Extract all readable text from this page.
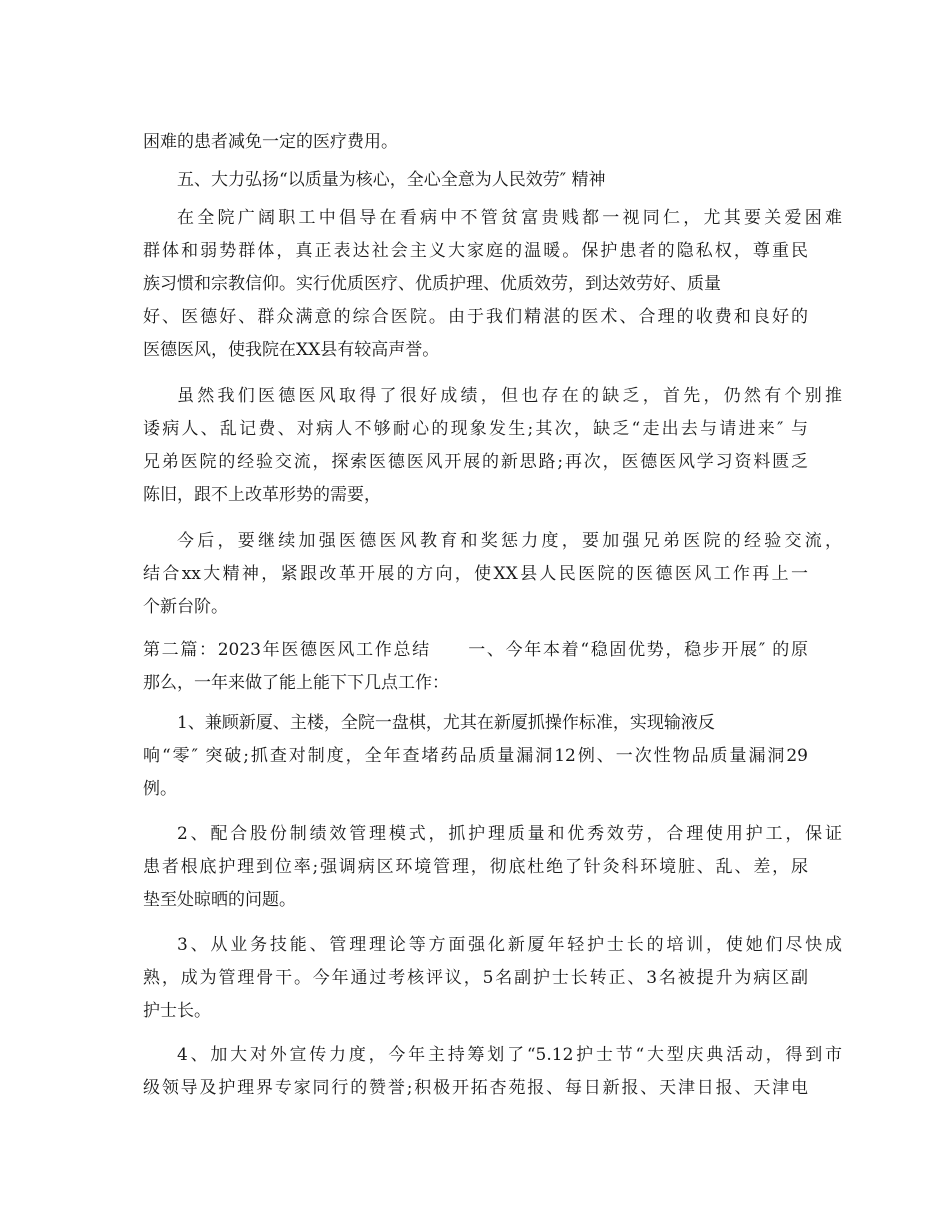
困难的患者减免一定的医疗费用。
五、大力弘扬“以质量为核心，全心全意为人民效劳″ 精神
在全院广阔职工中倡导在看病中不管贫富贵贱都一视同仁，尤其要关爱困难
群体和弱势群体，真正表达社会主义大家庭的温暖。保护患者的隐私权，尊重民
族习惯和宗教信仰。实行优质医疗、优质护理、优质效劳，到达效劳好、质量
好、医德好、群众满意的综合医院。由于我们精湛的医术、合理的收费和良好的
医德医风，使我院在XX县有较高声誉。
虽然我们医德医风取得了很好成绩，但也存在的缺乏，首先，仍然有个别推
诿病人、乱记费、对病人不够耐心的现象发生;其次，缺乏“走出去与请进来″ 与
兄弟医院的经验交流，探索医德医风开展的新思路;再次，医德医风学习资料匮乏
陈旧，跟不上改革形势的需要，
今后，要继续加强医德医风教育和奖惩力度，要加强兄弟医院的经验交流，
结合xx大精神，紧跟改革开展的方向，使XX县人民医院的医德医风工作再上一
个新台阶。
第二篇：2023年医德医风工作总结　　一、今年本着“稳固优势，稳步开展″ 的原
那么，一年来做了能上能下下几点工作：
1、兼顾新厦、主楼，全院一盘棋，尤其在新厦抓操作标准，实现输液反
响“零″ 突破;抓查对制度，全年查堵药品质量漏洞12例、一次性物品质量漏洞29
例。
2、配合股份制绩效管理模式，抓护理质量和优秀效劳，合理使用护工，保证
患者根底护理到位率;强调病区环境管理，彻底杜绝了针灸科环境脏、乱、差，尿
垫至处晾晒的问题。
3、从业务技能、管理理论等方面强化新厦年轻护士长的培训，使她们尽快成
熟，成为管理骨干。今年通过考核评议，5名副护士长转正、3名被提升为病区副
护士长。
4、加大对外宣传力度，今年主持筹划了“5.12护士节“大型庆典活动，得到市
级领导及护理界专家同行的赞誉;积极开拓杏苑报、每日新报、天津日报、天津电
